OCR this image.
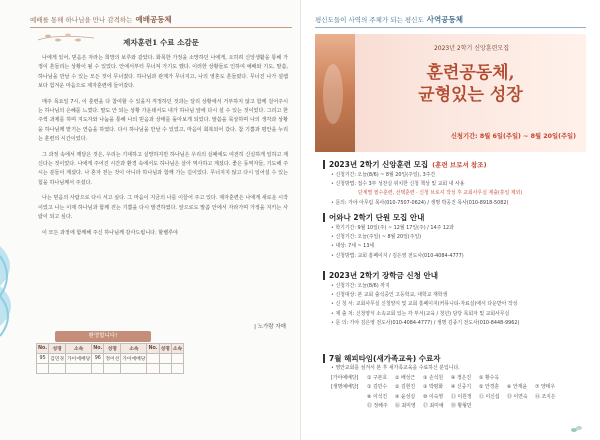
예배를 통해 하나님을 만나 감격하는 예배공동체
제자훈련1 수료 소감문

나에게 있어, 믿음은 자라는 희망의 보루와 같았다. 화목한 가정을 소망하던 나에게, 오히려 신앙생활을 통해 가정이 흔들리는 상황이 될 수 있었다. 안에서부터 무너져 가기도 했다. 이러한 상황들로 인하여 예배와 기도, 말씀, 하나님을 만날 수 있는 모든 것이 무너졌다. 하나님과 관계가 무너지고, 나의 영혼도 흔들렸다. 무너진 나가 설렘보다 힘겨운 마음으로 제자훈련에 들어갔다.

매주 목요일 7시, 이 훈련을 다 참여할 수 있을지 걱정하던 것과는 달리 상황에서 거부하지 않고 함께 걸어주시는 하나님의 은혜를 느꼈다. 말도 안 되는 상황 가운데서도 내가 하나님 앞에 다시 설 수 있는 것이었다. 그리고 한 주씩 과제를 하며 지도자와 나눔을 통해 나의 믿음과 상태를 돌아보게 되었다. 말씀을 묵상하며 나의 생각과 상황을 하나님께 맡기는 연습을 하였다. 다시 하나님을 만날 수 있었고, 마음이 회복되어 갔다. 참 기쁨과 평안을 누리는 훈련의 시간이었다.

그 과정 속에서 깨달은 것은, 우리는 기대하고 실망하지만 하나님은 우리의 실패에도 여전히 신실하게 일하고 계신다는 것이었다. 나에게 주어진 시간과 환경 속에서도 하나님은 살아 역사하고 계셨다. 좋은 동역자들, 기도해 주시는 분들이 계셨다. 나 혼자 걷는 것이 아니라 하나님과 함께 가는 길이었다. 무너지지 않고 다시 일어설 수 있는 힘을 하나님께서 주셨다.

나는 믿음의 사람으로 다시 서고 싶다. 그 마음이 지금의 나를 이끌어 주고 있다. 제자훈련은 나에게 새로운 시작이었고 나는 이제 하나님과 함께 걷는 기쁨을 다시 발견하였다. 앞으로도 말씀 안에서 자라가며 가정을 지키는 사람이 되고 싶다.

이 모든 과정에 함께해 주신 하나님께 감사드립니다. 할렐루야

| 노가람 자매
환영합니다!
No.	성명	소속	No.	성명	소속	No.	성명	소속
95	김민경	가이에배당	96	정이선	가이에배당			

평신도들이 사역의 주체가 되는 평신도 사역공동체
2023년 2학기 신앙훈련모집
훈련공동체,
균형있는 성장
신청기간: 8월 6일(주일) ~ 8월 20일(주일)
2023년 2학기 신앙훈련 모집 (훈련 브로셔 참조)
• 신청기간: 오늘(8/6) ~ 8월 20일(주일), 3주간
• 신청방법: 접수 3부 성찬실 위치한 신청 책상 및 교회 내 사용
단계별 필수훈련, 선택훈련 · 신청 브로셔 작성 후 교회사무실 제출(휴일 제외)
• 문의: 가야 아무림 목사(010-7507-0624) / 생명 박공진 목사(010-8918-5082)
어와나 2학기 단원 모집 안내
• 학기기간: 9월 10일(주) ~ 12월 17일(주) / 14주 12과
• 신청기간: 오늘(주일) ~ 8월 20일(주일)
• 대상: 7세 ~ 13세
• 신청방법: 교회 홈페이지 / 김은영 전도사(010-4084-4777)
2023년 2학기 장학금 신청 안내
• 신청기간: 오늘(8/6) 까지
• 신청대상: 본 교회 출석중인 고등학교, 대학교 재학생
• 신 청 서: 교회사무실 신청양식 및 교회 홈페이지(커뮤니티-자료실)에서 다운받아 작성
• 제 출 처: 신청양식 소속교회 있는 각 부서(교육 / 청년) 담당 목회자 및 교회사무실
• 문 의: 가야 김은영 전도사(010-4084-4777) / 생명 김종기 전도사(010-8448-9962)
7월 해피타임(새가족교육) 수료자
• 영안교회를 섬겨서 본 후 새가족교육을 수료하신 분입니다.
[가야예배당]	① 구본호	② 배성근	③ 손석원	④ 정은진	⑤ 황수옥
[생명예배당]	① 김민수	② 김현진	③ 박평화	④ 신중기	⑤ 안경훈	⑥ 안재윤	⑦ 양태우
⑧ 이석진	⑨ 윤성실	⑩ 이숙영	⑪ 이원정	⑫ 이신섭	⑬ 이연숙	⑭ 조지은
⑮ 정해주	⑯ 최미영	⑰ 최미예	⑱ 황형민
